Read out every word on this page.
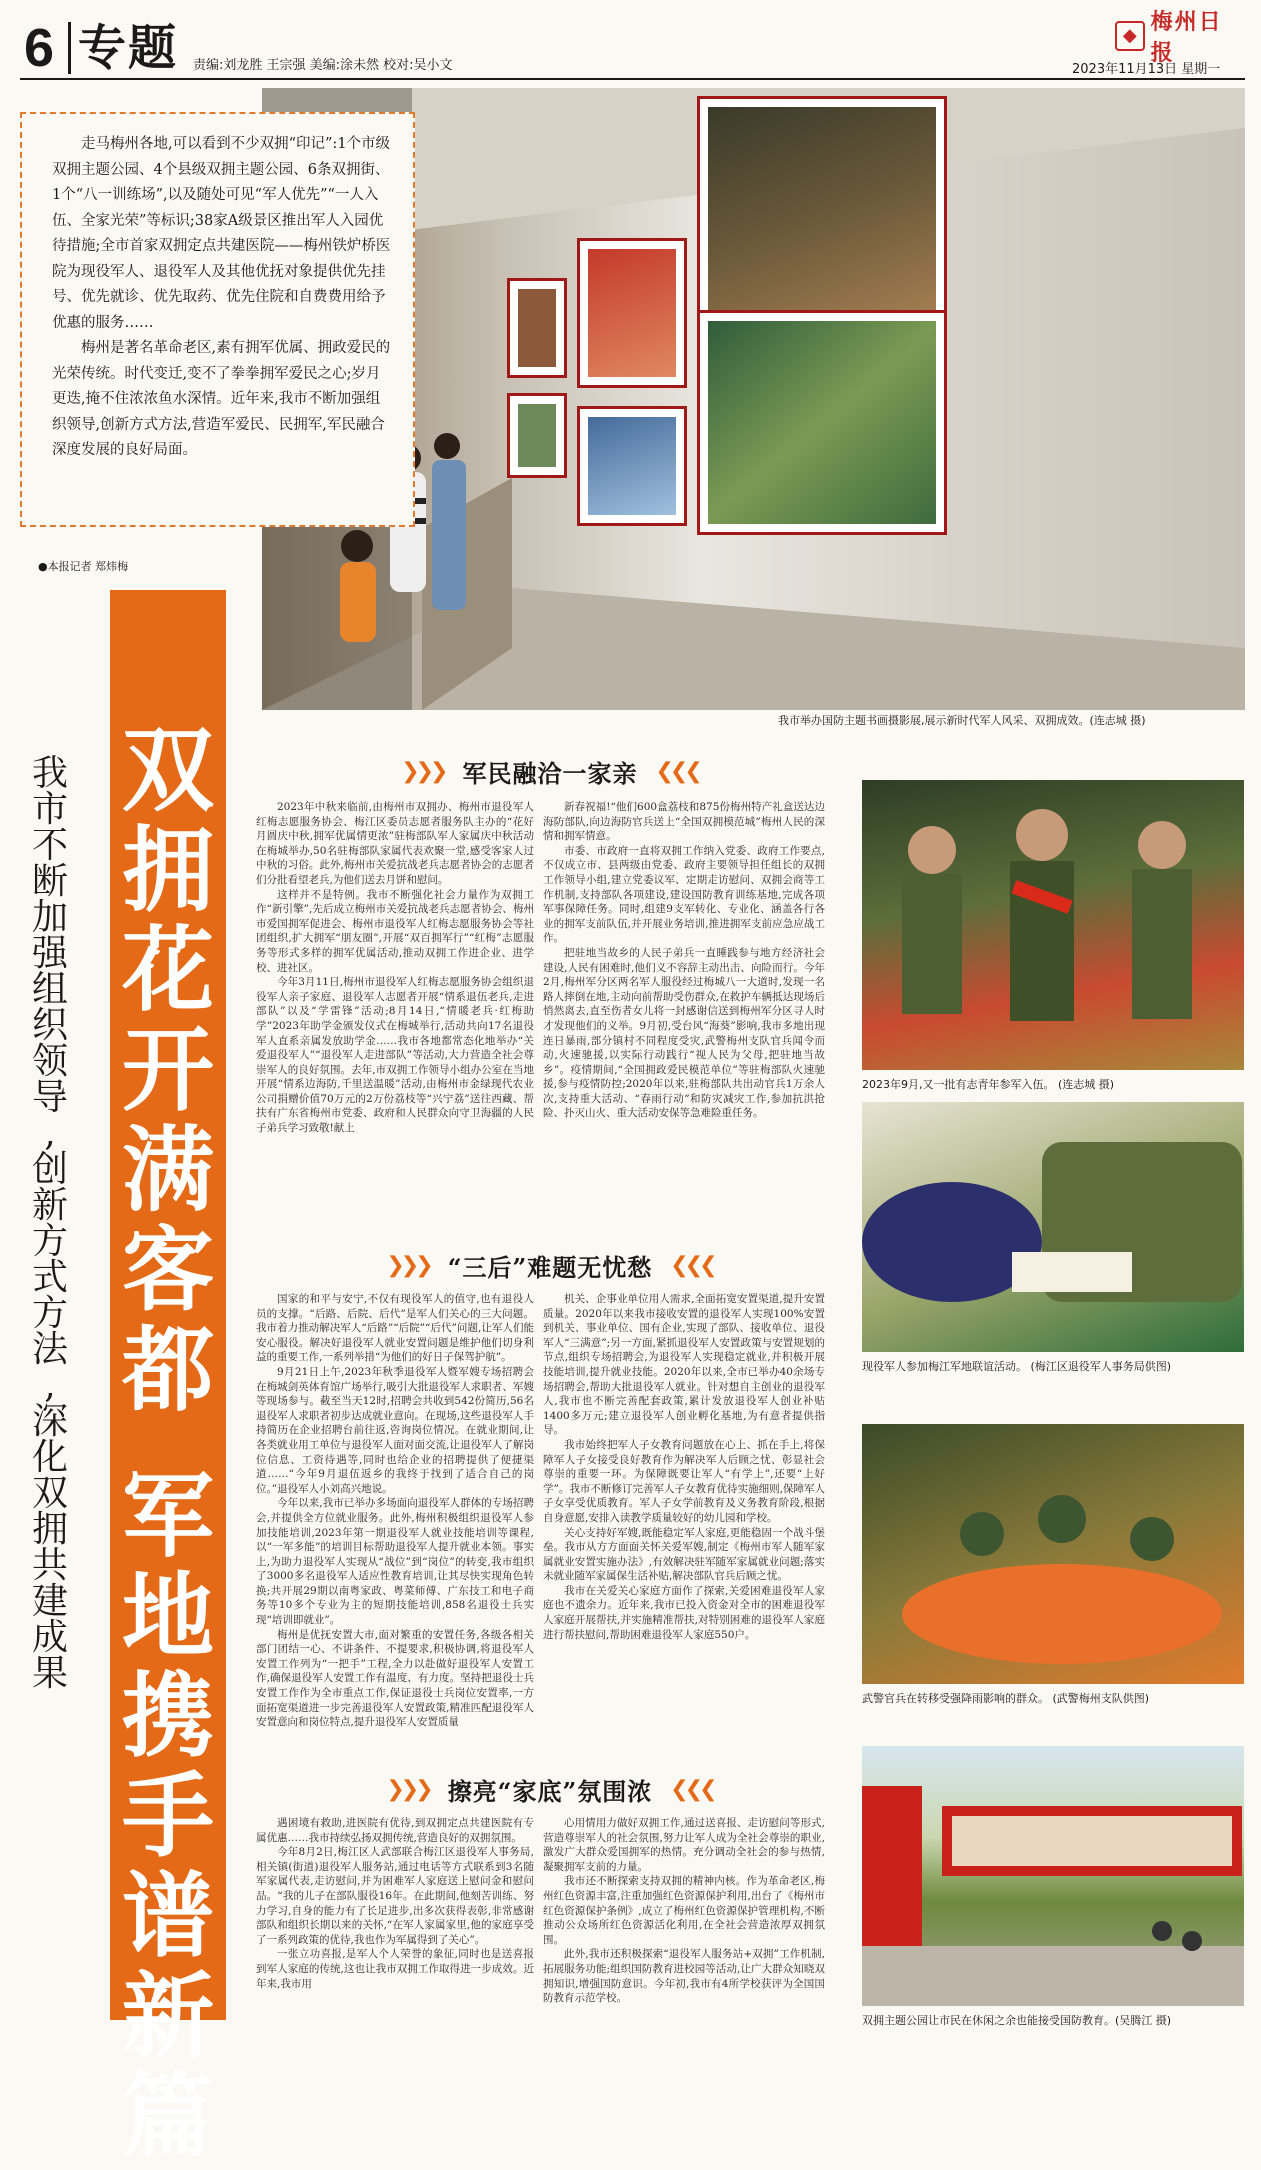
6 专题 责编:刘龙胜 王宗强 美编:涂未然 校对:吴小文
◆
梅州日报
2023年11月13日 星期一
我市举办国防主题书画摄影展,展示新时代军人风采、双拥成效。(连志城 摄)

走马梅州各地,可以看到不少双拥“印记”:1个市级双拥主题公园、4个县级双拥主题公园、6条双拥街、1个“八一训练场”,以及随处可见“军人优先”“一人入伍、全家光荣”等标识;38家A级景区推出军人入园优待措施;全市首家双拥定点共建医院——梅州铁炉桥医院为现役军人、退役军人及其他优抚对象提供优先挂号、优先就诊、优先取药、优先住院和自费费用给予优惠的服务……

梅州是著名革命老区,素有拥军优属、拥政爱民的光荣传统。时代变迁,变不了拳拳拥军爱民之心;岁月更迭,掩不住浓浓鱼水深情。近年来,我市不断加强组织领导,创新方式方法,营造军爱民、民拥军,军民融合深度发展的良好局面。

●本报记者 郑炜梅
双
拥
花
开
满
客
都
军
地
携
手
谱
新
篇
我
市
不
断
加
强
组
织
领
导
,
创
新
方
式
方
法
,
深
化
双
拥
共
建
成
果
❯❯❯ 军民融洽一家亲 ❮❮❮

2023年中秋来临前,由梅州市双拥办、梅州市退役军人红梅志愿服务协会、梅江区委员志愿者服务队主办的“花好月圆庆中秋,拥军优属情更浓”驻梅部队军人家属庆中秋活动在梅城举办,50名驻梅部队家属代表欢聚一堂,感受客家人过中秋的习俗。此外,梅州市关爱抗战老兵志愿者协会的志愿者们分批看望老兵,为他们送去月饼和慰问。

这样并不是特例。我市不断强化社会力量作为双拥工作“新引擎”,先后成立梅州市关爱抗战老兵志愿者协会、梅州市爱国拥军促进会、梅州市退役军人红梅志愿服务协会等社团组织,扩大拥军“朋友圈”,开展“双百拥军行”“红梅”志愿服务等形式多样的拥军优属活动,推动双拥工作进企业、进学校、进社区。

今年3月11日,梅州市退役军人红梅志愿服务协会组织退役军人亲子家庭、退役军人志愿者开展“情系退伍老兵,走进部队”以及“学雷锋”活动;8月14日,“情暖老兵·红梅助学”2023年助学金颁发仪式在梅城举行,活动共向17名退役军人直系亲属发放助学金……我市各地都常态化地举办“关爱退役军人”“退役军人走进部队”等活动,大力营造全社会尊崇军人的良好氛围。去年,市双拥工作领导小组办公室在当地开展“情系边海防,千里送温暖”活动,由梅州市金绿现代农业公司捐赠价值70万元的2万份荔枝等“兴宁荔”送往西藏、帮扶有广东省梅州市党委、政府和人民群众向守卫海疆的人民子弟兵学习致敬!献上

新春祝福!“他们600盒荔枝和875份梅州特产礼盒送达边海防部队,向边海防官兵送上“全国双拥模范城”梅州人民的深情和拥军情意。

市委、市政府一直将双拥工作纳入党委、政府工作要点,不仅成立市、县两级由党委、政府主要领导担任组长的双拥工作领导小组,建立党委议军、定期走访慰问、双拥会商等工作机制,支持部队各项建设,建设国防教育训练基地,完成各项军事保障任务。同时,组建9支军转化、专业化、涵盖各行各业的拥军支前队伍,并开展业务培训,推进拥军支前应急应战工作。

把驻地当故乡的人民子弟兵一直睡践参与地方经济社会建设,人民有困难时,他们义不容辞主动出击、向险而行。今年2月,梅州军分区两名军人服役经过梅城八一大道时,发现一名路人摔倒在地,主动向前帮助受伤群众,在救护车辆抵达现场后悄然离去,直至伤者女儿将一封感谢信送到梅州军分区寻人时才发现他们的义举。9月初,受台风“海葵”影响,我市多地出现连日暴雨,部分镇村不同程度受灾,武警梅州支队官兵闻令而动,火速驰援,以实际行动践行“视人民为父母,把驻地当故乡”。疫情期间,“全国拥政爱民模范单位”等驻梅部队火速驰援,参与疫情防控;2020年以来,驻梅部队共出动官兵1万余人次,支持重大活动、“春雨行动”和防灾减灾工作,参加抗洪抢险、扑灭山火、重大活动安保等急难险重任务。

❯❯❯ “三后”难题无忧愁 ❮❮❮

国家的和平与安宁,不仅有现役军人的值守,也有退役人员的支撑。“后路、后院、后代”是军人们关心的三大问题。我市着力推动解决军人“后路”“后院”“后代”问题,让军人们能安心服役。解决好退役军人就业安置问题是维护他们切身利益的重要工作,一系列举措“为他们的好日子保驾护航”。

9月21日上午,2023年秋季退役军人暨军嫂专场招聘会在梅城剑英体育馆广场举行,吸引大批退役军人求职者、军嫂等现场参与。截至当天12时,招聘会共收到542份简历,56名退役军人求职者初步达成就业意向。在现场,这些退役军人手持简历在企业招聘台前往返,咨询岗位情况。在就业期间,让各类就业用工单位与退役军人面对面交流,让退役军人了解岗位信息、工资待遇等,同时也给企业的招聘提供了便捷渠道……“今年9月退伍返乡的我终于找到了适合自己的岗位。”退役军人小刘高兴地说。

今年以来,我市已举办多场面向退役军人群体的专场招聘会,并提供全方位就业服务。此外,梅州积极组织退役军人参加技能培训,2023年第一期退役军人就业技能培训等课程,以“一军多能”的培训目标帮助退役军人提升就业本领。事实上,为助力退役军人实现从“战位”到“岗位”的转变,我市组织了3000多名退役军人适应性教育培训,让其尽快实现角色转换;共开展29期以南粤家政、粤菜师傅、广东技工和电子商务等10多个专业为主的短期技能培训,858名退役士兵实现“培训即就业”。

梅州是优抚安置大市,面对繁重的安置任务,各级各相关部门团结一心、不讲条件、不提要求,积极协调,将退役军人安置工作列为“一把手”工程,全力以赴做好退役军人安置工作,确保退役军人安置工作有温度、有力度。坚持把退役士兵安置工作作为全市重点工作,保证退役士兵岗位安置率,一方面拓宽渠道进一步完善退役军人安置政策,精准匹配退役军人安置意向和岗位特点,提升退役军人安置质量

机关、企事业单位用人需求,全面拓宽安置渠道,提升安置质量。2020年以来我市接收安置的退役军人实现100%安置到机关、事业单位、国有企业,实现了部队、接收单位、退役军人“三满意”;另一方面,紧抓退役军人安置政策与安置规划的节点,组织专场招聘会,为退役军人实现稳定就业,并积极开展技能培训,提升就业技能。2020年以来,全市已举办40余场专场招聘会,帮助大批退役军人就业。针对想自主创业的退役军人,我市也不断完善配套政策,累计发放退役军人创业补贴1400多万元;建立退役军人创业孵化基地,为有意者提供指导。

我市始终把军人子女教育问题放在心上、抓在手上,将保障军人子女接受良好教育作为解决军人后顾之忧、彰显社会尊崇的重要一环。为保障既要让军人“有学上”,还要“上好学”。我市不断修订完善军人子女教育优待实施细则,保障军人子女享受优质教育。军人子女学前教育及义务教育阶段,根据自身意愿,安排入读教学质量较好的幼儿园和学校。

关心支持好军嫂,既能稳定军人家庭,更能稳固一个战斗堡垒。我市从方方面面关怀关爱军嫂,制定《梅州市军人随军家属就业安置实施办法》,有效解决驻军随军家属就业问题;落实未就业随军家属保生活补贴,解决部队官兵后顾之忧。

我市在关爱关心家庭方面作了探索,关爱困难退役军人家庭也不遗余力。近年来,我市已投入资金对全市的困难退役军人家庭开展帮扶,并实施精准帮扶,对特别困难的退役军人家庭进行帮扶慰问,帮助困难退役军人家庭550户。

❯❯❯ 擦亮“家底”氛围浓 ❮❮❮

遇困境有救助,进医院有优待,到双拥定点共建医院有专属优惠……我市持续弘扬双拥传统,营造良好的双拥氛围。

今年8月2日,梅江区人武部联合梅江区退役军人事务局,相关镇(街道)退役军人服务站,通过电话等方式联系到3名随军家属代表,走访慰问,并为困难军人家庭送上慰问金和慰问品。“我的儿子在部队服役16年。在此期间,他刻苦训练、努力学习,自身的能力有了长足进步,出多次获得表彰,非常感谢部队和组织长期以来的关怀,“在军人家属家里,他的家庭享受了一系列政策的优待,我也作为军属得到了关心”。

一张立功喜报,是军人个人荣誉的象征,同时也是送喜报到军人家庭的传统,这也让我市双拥工作取得进一步成效。近年来,我市用

心用情用力做好双拥工作,通过送喜报、走访慰问等形式,营造尊崇军人的社会氛围,努力让军人成为全社会尊崇的职业,激发广大群众爱国拥军的热情。充分调动全社会的参与热情,凝聚拥军支前的力量。

我市还不断探索支持双拥的精神内核。作为革命老区,梅州红色资源丰富,注重加强红色资源保护利用,出台了《梅州市红色资源保护条例》,成立了梅州红色资源保护管理机构,不断推动公众场所红色资源活化利用,在全社会营造浓厚双拥氛围。

此外,我市还积极探索“退役军人服务站+双拥”工作机制,拓展服务功能;组织国防教育进校园等活动,让广大群众知晓双拥知识,增强国防意识。今年初,我市有4所学校获评为全国国防教育示范学校。

2023年9月,又一批有志青年参军入伍。 (连志城 摄)
现役军人参加梅江军地联谊活动。 (梅江区退役军人事务局供图)
武警官兵在转移受强降雨影响的群众。 (武警梅州支队供图)
双拥主题公园让市民在休闲之余也能接受国防教育。(吴腾江 摄)
